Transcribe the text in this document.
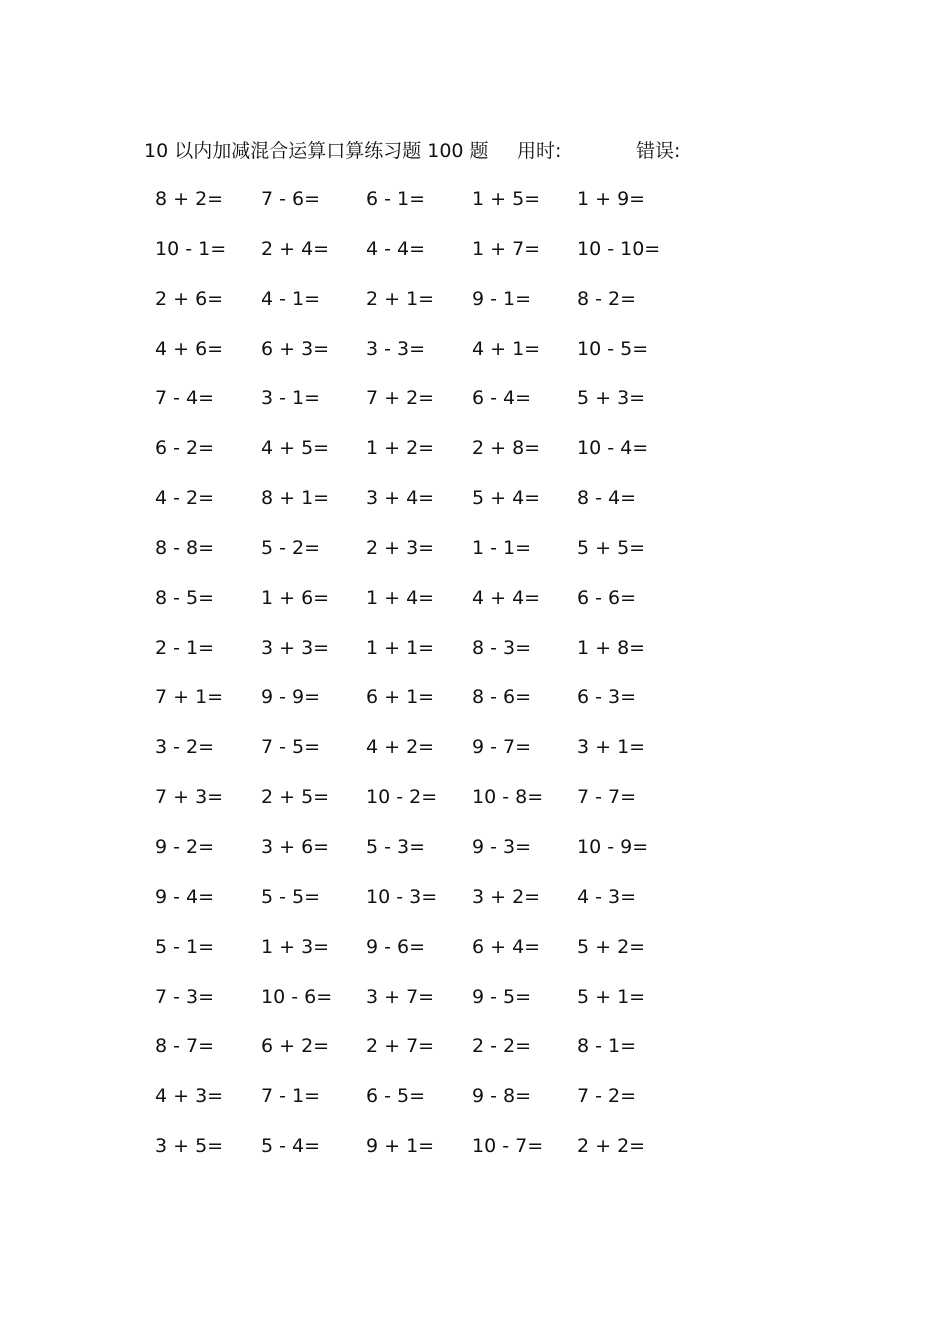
10 以内加减混合运算口算练习题 100 题 用时:	错误:
8 + 2= 7 - 6= 6 - 1= 1 + 5= 1 + 9=
10 - 1= 2 + 4= 4 - 4= 1 + 7= 10 - 10=
2 + 6= 4 - 1= 2 + 1= 9 - 1= 8 - 2=
4 + 6= 6 + 3= 3 - 3= 4 + 1= 10 - 5=
7 - 4= 3 - 1= 7 + 2= 6 - 4= 5 + 3=
6 - 2= 4 + 5= 1 + 2= 2 + 8= 10 - 4=
4 - 2= 8 + 1= 3 + 4= 5 + 4= 8 - 4=
8 - 8= 5 - 2= 2 + 3= 1 - 1= 5 + 5=
8 - 5= 1 + 6= 1 + 4= 4 + 4= 6 - 6=
2 - 1= 3 + 3= 1 + 1= 8 - 3= 1 + 8=
7 + 1= 9 - 9= 6 + 1= 8 - 6= 6 - 3=
3 - 2= 7 - 5= 4 + 2= 9 - 7= 3 + 1=
7 + 3= 2 + 5= 10 - 2= 10 - 8= 7 - 7=
9 - 2= 3 + 6= 5 - 3= 9 - 3= 10 - 9=
9 - 4= 5 - 5= 10 - 3= 3 + 2= 4 - 3=
5 - 1= 1 + 3= 9 - 6= 6 + 4= 5 + 2=
7 - 3= 10 - 6= 3 + 7= 9 - 5= 5 + 1=
8 - 7= 6 + 2= 2 + 7= 2 - 2= 8 - 1=
4 + 3= 7 - 1= 6 - 5= 9 - 8= 7 - 2=
3 + 5= 5 - 4= 9 + 1= 10 - 7= 2 + 2=
